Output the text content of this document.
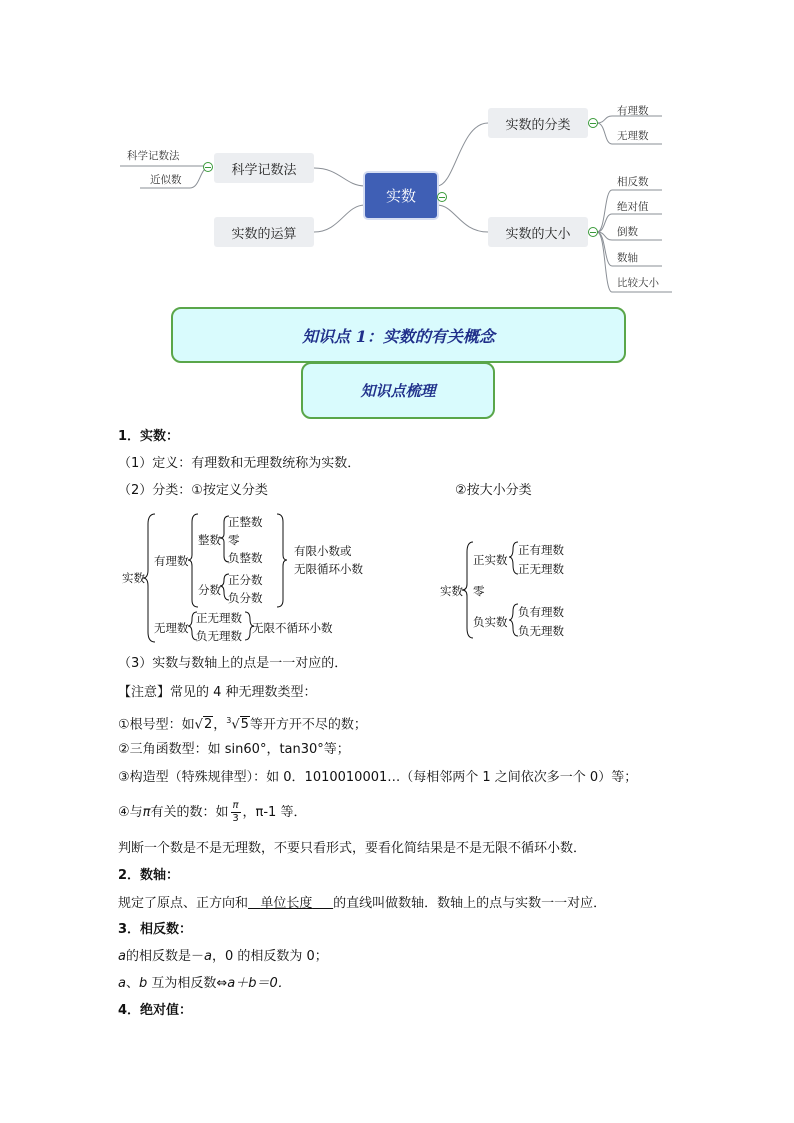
实数
科学记数法
科学记数法
近似数
实数的运算
实数的分类
有理数
无理数
实数的大小
相反数
绝对值
倒数
数轴
比较大小
知识点 1：实数的有关概念
知识点梳理
1．实数：
（1）定义：有理数和无理数统称为实数．
（2）分类：①按定义分类	②按大小分类
实数
有理数
整数
正整数
零
负整数
分数
正分数
负分数
有限小数或
无限循环小数
无理数
正无理数
负无理数
无限不循环小数
实数
正实数
正有理数
正无理数
零
负实数
负有理数
负无理数
（3）实数与数轴上的点是一一对应的．
【注意】常见的 4 种无理数类型：
①根号型：如√2，$^3$√5等开方开不尽的数；
②三角函数型：如 sin60°，tan30°等；
③构造型（特殊规律型）：如 0．1010010001…（每相邻两个 1 之间依次多一个 0）等；
④与π有关的数：如 $\frac{\pi}{3}$ ，π-1 等．
判断一个数是不是无理数，不要只看形式，要看化简结果是不是无限不循环小数．
2．数轴：
规定了原点、正方向和 单位长度 的直线叫做数轴．数轴上的点与实数一一对应．
3．相反数：
a的相反数是－a，0 的相反数为 0；
a、b 互为相反数⇔a＋b＝0．
4．绝对值：
